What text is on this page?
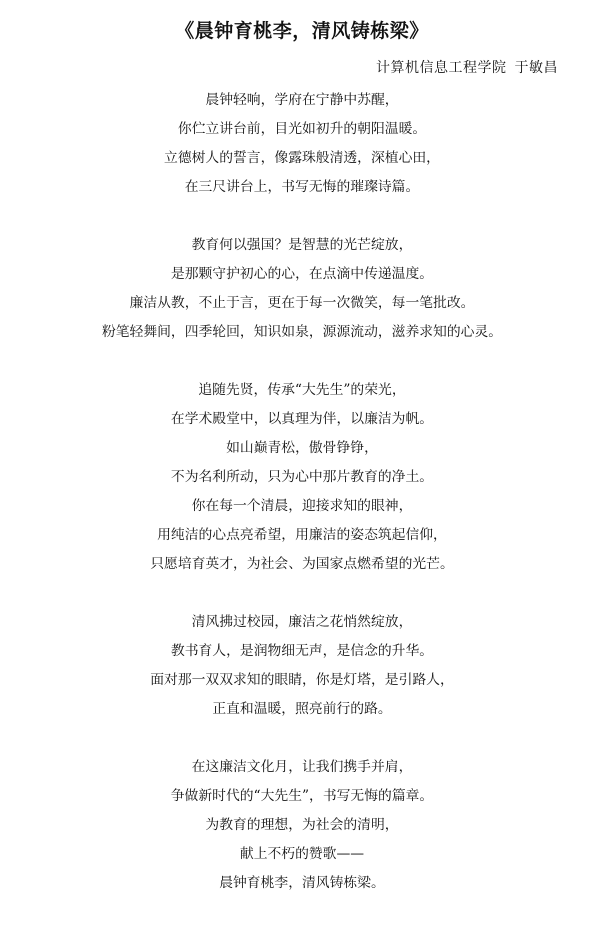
《晨钟育桃李，清风铸栋梁》
计算机信息工程学院 于敏昌
晨钟轻响，学府在宁静中苏醒，
你伫立讲台前，目光如初升的朝阳温暖。
立德树人的誓言，像露珠般清透，深植心田，
在三尺讲台上，书写无悔的璀璨诗篇。
教育何以强国？是智慧的光芒绽放，
是那颗守护初心的心，在点滴中传递温度。
廉洁从教，不止于言，更在于每一次微笑，每一笔批改。
粉笔轻舞间，四季轮回，知识如泉，源源流动，滋养求知的心灵。
追随先贤，传承“大先生”的荣光，
在学术殿堂中，以真理为伴，以廉洁为帆。
如山巅青松，傲骨铮铮，
不为名利所动，只为心中那片教育的净土。
你在每一个清晨，迎接求知的眼神，
用纯洁的心点亮希望，用廉洁的姿态筑起信仰，
只愿培育英才，为社会、为国家点燃希望的光芒。
清风拂过校园，廉洁之花悄然绽放，
教书育人，是润物细无声，是信念的升华。
面对那一双双求知的眼睛，你是灯塔，是引路人，
正直和温暖，照亮前行的路。
在这廉洁文化月，让我们携手并肩，
争做新时代的“大先生”，书写无悔的篇章。
为教育的理想，为社会的清明，
献上不朽的赞歌——
晨钟育桃李，清风铸栋梁。
